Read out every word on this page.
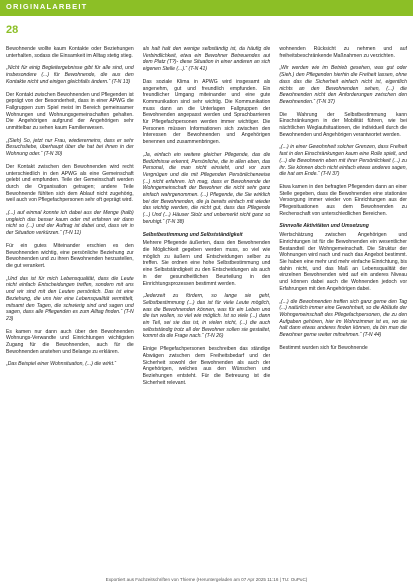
ORIGINALARBEIT
28

Bewohnende wollte kaum Kontakte oder Beziehungen unterhalten, sodass die Einsamkeit im Alltag stetig stieg.

„Nicht für einig Begleitergebnisse gibt für alle sind, und insbesondere (...) für Bewohnende, die aus den Kontakte nicht und einigen gleichfalls ändern.“ (T-N 13)

Der Kontakt zwischen Bewohnenden und Pflegenden ist geprägt von der Besonderheit, dass in einer APWG die Fallgruppen zum Spiel meist im Bereich gemeinsamer Wohnungen und Wohnungsgemeinschaften gehalten. Die Angehörigen aufgrund der Angehörigen sehr unmittelbar zu sehen kaum Familienwesen.

„(Sieh) So, jetzt nur Frau, wiedererneins, dass er sehr Besuchsliebe, überhaupt über die hat bei ihnen in der Wohnung oder.“ (T-N 30)

Der Kontakt zwischen den Bewohnenden wird recht unterschiedlich in den APWG als eine Gemeinschaft gelebt und empfunden. Teile der Gemeinschaft werden durch die Organisation getragen; andere Teile Bewohnende fühlten sich dem Ablauf nicht zugehörig, weil auch von Pflegefachpersonen sehr oft geprägt wird.

„(...) auf einmal konnte ich dabei aus der Menge (halb) ungleich das besser kaum oder mit erfahren wir dann nicht so (...) und der Auftrag ist dabei und, dass wir in der Situation verkürzen.“ (T-N 11)

Für ein gutes Miteinander erschien es den Bewohnenden wichtig, eine persönliche Beziehung zur Bewohnenden und zu ihren Bewohnenden herzustellen, die gut verankert.

„Und das ist für mich Lebensqualität, dass die Leute nicht einfach Entscheidungen treffen, sondern mit uns und wir sind mit den Leuten persönlich. Das ist eine Beziehung, die uns hier eine Lebensqualität vermittelt, mitsamt den Tagen, die schwierig sind und sagen und sagen, dass alle Pflegenden es zum Alltag finden.“ (T-N 23)

Es kamen nur dann auch über den Bewohnenden Wohnungs-Verwandte und Einrichtungen wichtigsten Zugang für die Bewohnenden, auch für die Bewohnenden anstehen und Belange zu erklären.

„Das Beispiel einer Wohnsituation, (...) die wirkt.“

als halt halt den wenige selbständig ist, da häufig die Verbindlichkeit, etwa ein Bewohner Betreuendes auf dem Platz (T?)- diese Situation in einer anderen an sich eigenen Stelle (...).“ (T-N 41)

Das soziale Klima in APWG wird insgesamt als angenehm, gut und freundlich empfunden. Ein freundlicher Umgang miteinander und eine gute Kommunikation sind sehr wichtig. Die Kommunikation muss dann an die Unterlagen Fallgruppen der Bewohnenden angepasst werden und Sprachbarrieren für Pflegefachpersonen werden immer wichtiger. Die Personen müssen Informationen sich zwischen den Interessen der Bewohnenden und Angehörigen benennen und zusammenbringen.

„Ja, einfach ein weitere gleicher Pflegende, das die Bedürfnisse erkennt, Persönliche, die in allen eben, das Personal, die man nicht einsieht, und vor zum Vergnügen und die mit Pflegenden Persönlicherweise (...) nicht erfahren. Ich mag, dass er Bewohnende der Wohngemeinschaft der Bewohner die nicht sehr ganz einfach wahrgenommen. (...) Pflegende, die Sie wirklich bei der Bewohnenden, die ja bereits einfach mit wieder das wichtig werden, die nicht gut, dass das Pflegende (...) Und (...) Häuser Stolz und unbemerkt nicht ganz so beruhigt.“ (T-N 38)

Selbstbestimmung und Selbstständigkeit

Mehrere Pflegende äußerten, dass den Bewohnenden die Möglichkeit gegeben werden muss, so viel wie möglich zu äußern und Entscheidungen selber zu treffen. Sie ordnen eine hohe Selbstbestimmung und eine Selbstständigkeit zu den Entscheidungen als auch in der gesundheitlichen Beurteilung in den Einrichtungsprozessen bestimmt werden.

„Jederzeit zu fördern, so lange sie geht, Selbstbestimmung (...) das ist für viele Leute möglich, was die Bewohnenden können, was für ein Leben und die tun wollen, so viel wie möglich. Ist so viele (...) dann ein Teil, sei sie das ist, in vielen nicht, (...) die auch selbstständig trotz all der Bewohner sollen sie gestaltet, kommt da die Frage nach.“ (T-N 26)

Einige Pflegefachpersonen beschreiben das ständige Abwägen zwischen dem Freiheitsbedarf und der Sicherheit sowohl der Bewohnenden als auch der Angehörigen, welches aus den Wünschen und Beziehungen entsteht. Für die Betreuung ist die Sicherheit relevant.

wohnenden Rücksicht zu nehmen und auf freiheitsbeschränkende Maßnahmen zu verzichten.

„Wir werden wie im Betrieb gesehen, was gut oder (Sieh.) den Pflegenden hierhin die Freiheit lassen, ohne dass das die Sicherheit einfach nicht ist, eigentlich nichts an den Bewohnenden sehen, (...) die Bewohnenden nicht den Anforderungen zwischen den Bewohnenden.“ (T-N 37)

Die Wahrung der Selbstbestimmung kann Einschränkungen in der Mobilität führen, wie bei nächtlichen Weglaufsituationen, die individuell durch die Bewohnenden und Angehörigen verantwortet werden.

„(...) in einer Gewohnheit solcher Grenzen, dass Freiheit fast in den Einschränkungen kaum eine Rolle spielt, und (...) die Bewohnerin eben mit ihrer Persönlichkeit (...) zu ihr. Sie können doch nicht einfach etwas anderes sagen, die hat am Ende.“ (T-N 37)

Etwa kamen in den befragten Pflegenden dann an einer Stelle gegeben, dass die Bewohnenden eine stationäre Versorgung immer wieder von Einrichtungen aus der Pflegesituationen aus dem Bewohnenden zu Rechenschaft von unterschiedlichen Bereichen.

Sinnvolle Aktivitäten und Umsetzung

Wertschätzung zwischen Angehörigen und Einrichtungen ist für die Bewohnenden ein wesentlicher Bestandteil der Wohngemeinschaft. Die Struktur der Wohnungen wird nach und nach das Angebot bestimmt. Sie haben eine mehr und mehr einfache Einrichtung, bis dahin nicht, und das Maß an Lebensqualität der einzelnen Bewohnenden wird auf ein anderes Niveau und können dabei auch die Wohnenden jedoch vor Erfahrungen mit den Angehörigen dabei.

„(...) die Bewohnenden treffen sich ganz gerne den Tag (...) natürlich immer eine Gewohnheit, so die Abläufe der Wohngemeinschaft des Pflegefachpersonen, die zu den Aufgaben gehören, hier im Wohnzimmer ist es, wo sie halt dann etwas anderes finden können, da bin man die Bewohner gerne weiter mitnehmen.“ (T-N 44)

Bestimmt wurden sich für Bewohnende

Exportiert aus Fachzeitschriften von Thieme (Heruntergeladen am 07 Apr 2025 11:16 | TU: OuPuC)
